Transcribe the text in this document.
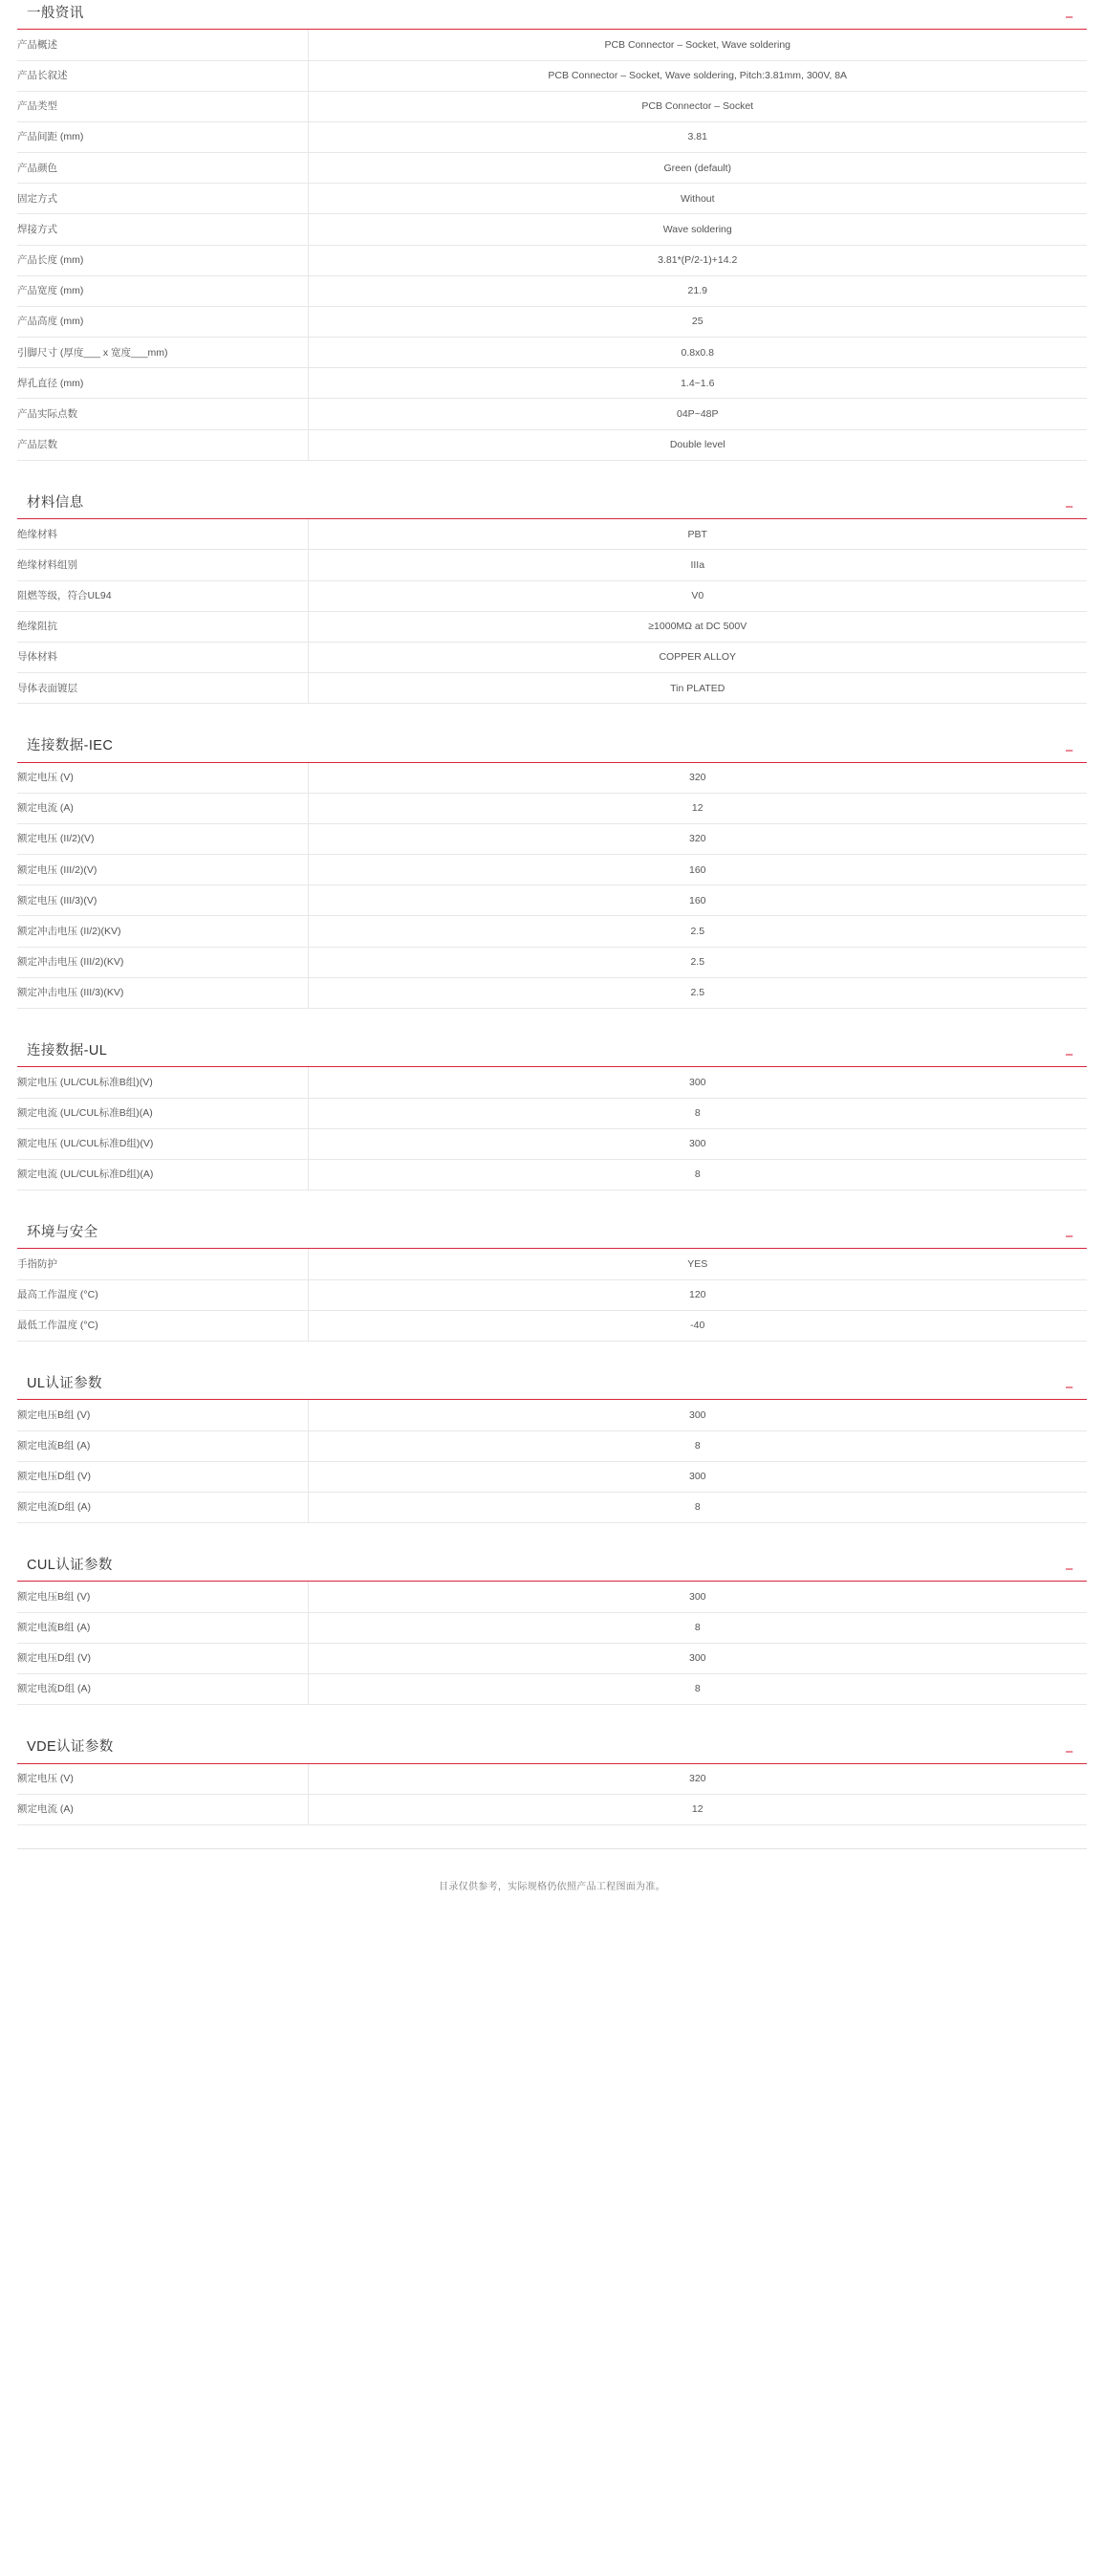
一般资讯	−
产品概述	PCB Connector – Socket, Wave soldering
产品长叙述	PCB Connector – Socket, Wave soldering, Pitch:3.81mm, 300V, 8A
产品类型	PCB Connector – Socket
产品间距 (mm)	3.81
产品颜色	Green (default)
固定方式	Without
焊接方式	Wave soldering
产品长度 (mm)	3.81*(P/2-1)+14.2
产品宽度 (mm)	21.9
产品高度 (mm)	25
引脚尺寸 (厚度___ x 宽度___mm)	0.8x0.8
焊孔直径 (mm)	1.4~1.6
产品实际点数	04P~48P
产品层数	Double level
材料信息	−
绝缘材料	PBT
绝缘材料组别	IIIa
阻燃等级，符合UL94	V0
绝缘阻抗	≥1000MΩ at DC 500V
导体材料	COPPER ALLOY
导体表面镀层	Tin PLATED
连接数据-IEC	−
额定电压 (V)	320
额定电流 (A)	12
额定电压 (II/2)(V)	320
额定电压 (III/2)(V)	160
额定电压 (III/3)(V)	160
额定冲击电压 (II/2)(KV)	2.5
额定冲击电压 (III/2)(KV)	2.5
额定冲击电压 (III/3)(KV)	2.5
连接数据-UL	−
额定电压 (UL/CUL标准B组)(V)	300
额定电流 (UL/CUL标准B组)(A)	8
额定电压 (UL/CUL标准D组)(V)	300
额定电流 (UL/CUL标准D组)(A)	8
环境与安全	−
手指防护	YES
最高工作温度 (°C)	120
最低工作温度 (°C)	-40
UL认证参数	−
额定电压B组 (V)	300
额定电流B组 (A)	8
额定电压D组 (V)	300
额定电流D组 (A)	8
CUL认证参数	−
额定电压B组 (V)	300
额定电流B组 (A)	8
额定电压D组 (V)	300
额定电流D组 (A)	8
VDE认证参数	−
额定电压 (V)	320
额定电流 (A)	12
目录仅供参考，实际规格仍依照产品工程图面为准。
